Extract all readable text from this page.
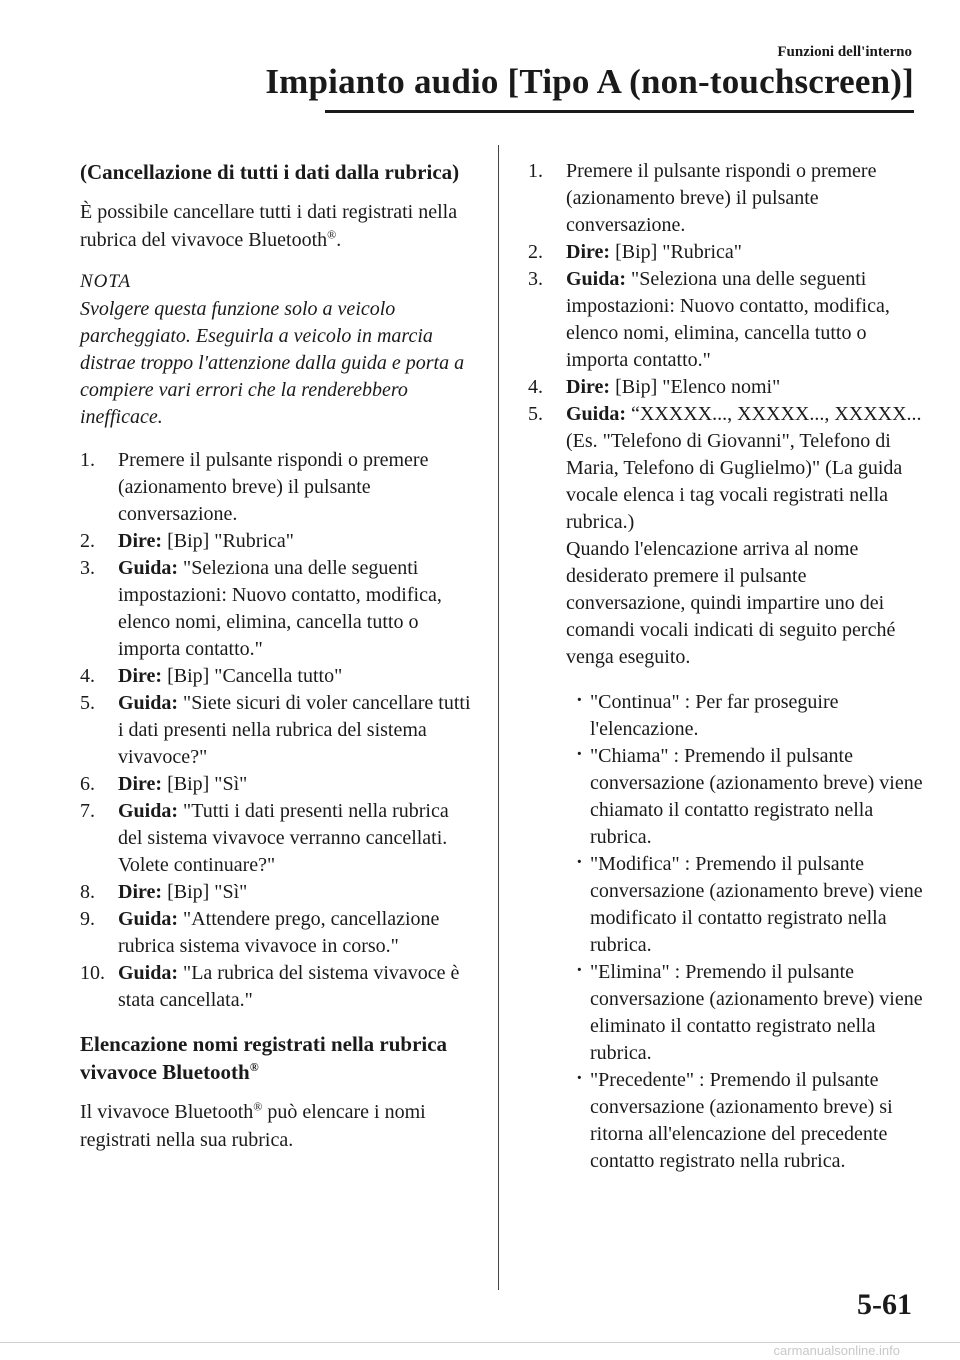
Funzioni dell'interno
Impianto audio [Tipo A (non-touchscreen)]
(Cancellazione di tutti i dati dalla rubrica)

È possibile cancellare tutti i dati registrati nella rubrica del vivavoce Bluetooth®.

NOTA

Svolgere questa funzione solo a veicolo parcheggiato. Eseguirla a veicolo in marcia distrae troppo l'attenzione dalla guida e porta a compiere vari errori che la renderebbero inefficace.

1. Premere il pulsante rispondi o premere (azionamento breve) il pulsante conversazione.
2. Dire: [Bip] "Rubrica"
3. Guida: "Seleziona una delle seguenti impostazioni: Nuovo contatto, modifica, elenco nomi, elimina, cancella tutto o importa contatto."
4. Dire: [Bip] "Cancella tutto"
5. Guida: "Siete sicuri di voler cancellare tutti i dati presenti nella rubrica del sistema vivavoce?"
6. Dire: [Bip] "Sì"
7. Guida: "Tutti i dati presenti nella rubrica del sistema vivavoce verranno cancellati. Volete continuare?"
8. Dire: [Bip] "Sì"
9. Guida: "Attendere prego, cancellazione rubrica sistema vivavoce in corso."
10. Guida: "La rubrica del sistema vivavoce è stata cancellata."
Elencazione nomi registrati nella rubrica vivavoce Bluetooth®

Il vivavoce Bluetooth® può elencare i nomi registrati nella sua rubrica.

1. Premere il pulsante rispondi o premere (azionamento breve) il pulsante conversazione.
2. Dire: [Bip] "Rubrica"
3. Guida: "Seleziona una delle seguenti impostazioni: Nuovo contatto, modifica, elenco nomi, elimina, cancella tutto o importa contatto."
4. Dire: [Bip] "Elenco nomi"
5. Guida: “XXXXX..., XXXXX..., XXXXX... (Es. "Telefono di Giovanni", Telefono di Maria, Telefono di Guglielmo)" (La guida vocale elenca i tag vocali registrati nella rubrica.)
Quando l'elencazione arriva al nome desiderato premere il pulsante conversazione, quindi impartire uno dei comandi vocali indicati di seguito perché venga eseguito.
· "Continua" : Per far proseguire l'elencazione.
· "Chiama" : Premendo il pulsante conversazione (azionamento breve) viene chiamato il contatto registrato nella rubrica.
· "Modifica" : Premendo il pulsante conversazione (azionamento breve) viene modificato il contatto registrato nella rubrica.
· "Elimina" : Premendo il pulsante conversazione (azionamento breve) viene eliminato il contatto registrato nella rubrica.
· "Precedente" : Premendo il pulsante conversazione (azionamento breve) si ritorna all'elencazione del precedente contatto registrato nella rubrica.
5-61
carmanualsonline.info
